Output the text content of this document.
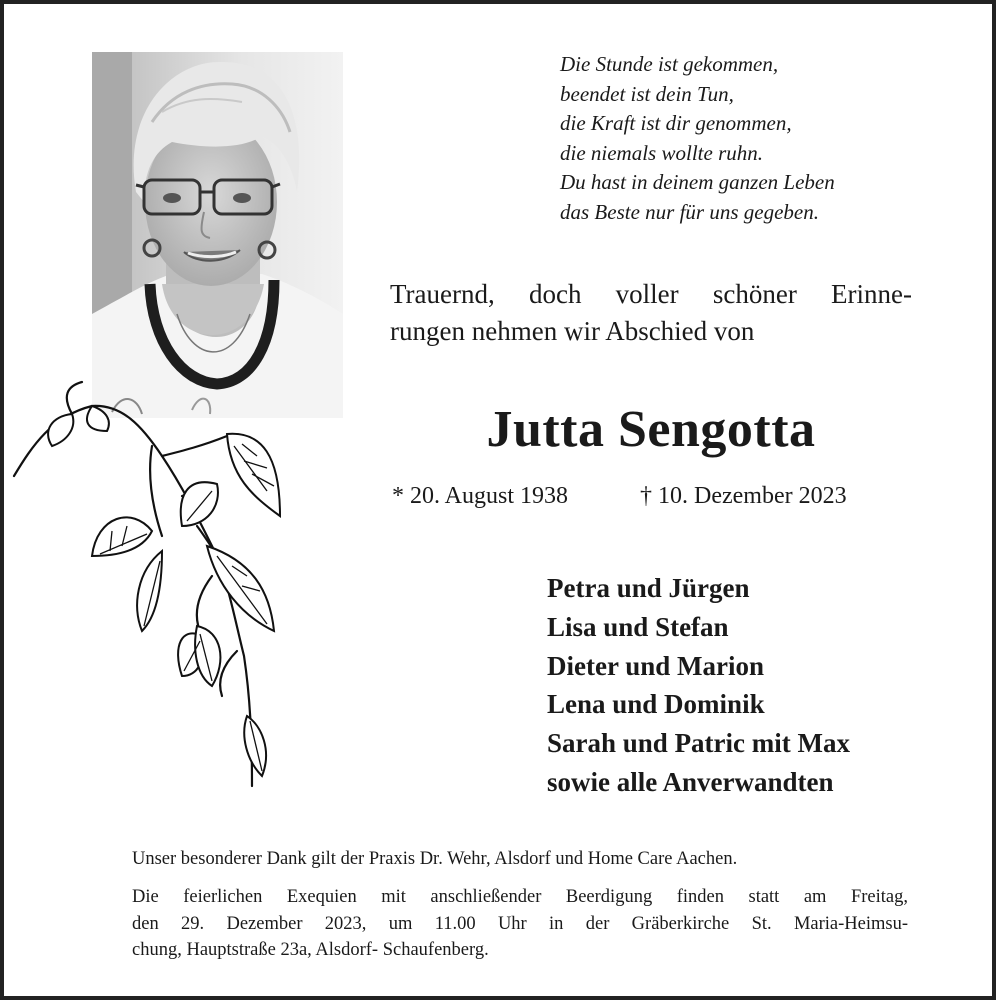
Die Stunde ist gekommen,
beendet ist dein Tun,
die Kraft ist dir genommen,
die niemals wollte ruhn.
Du hast in deinem ganzen Leben
das Beste nur für uns gegeben.
Trauernd, doch voller schöner Erinne-
rungen nehmen wir Abschied von
Jutta Sengotta
* 20. August 1938	† 10. Dezember 2023
Petra und Jürgen
Lisa und Stefan
Dieter und Marion
Lena und Dominik
Sarah und Patric mit Max
sowie alle Anverwandten
Unser besonderer Dank gilt der Praxis Dr. Wehr, Alsdorf und Home Care Aachen.
Die feierlichen Exequien mit anschließender Beerdigung finden statt am Freitag,
den 29. Dezember 2023, um 11.00 Uhr in der Gräberkirche St. Maria-Heimsu-
chung, Hauptstraße 23a, Alsdorf- Schaufenberg.
